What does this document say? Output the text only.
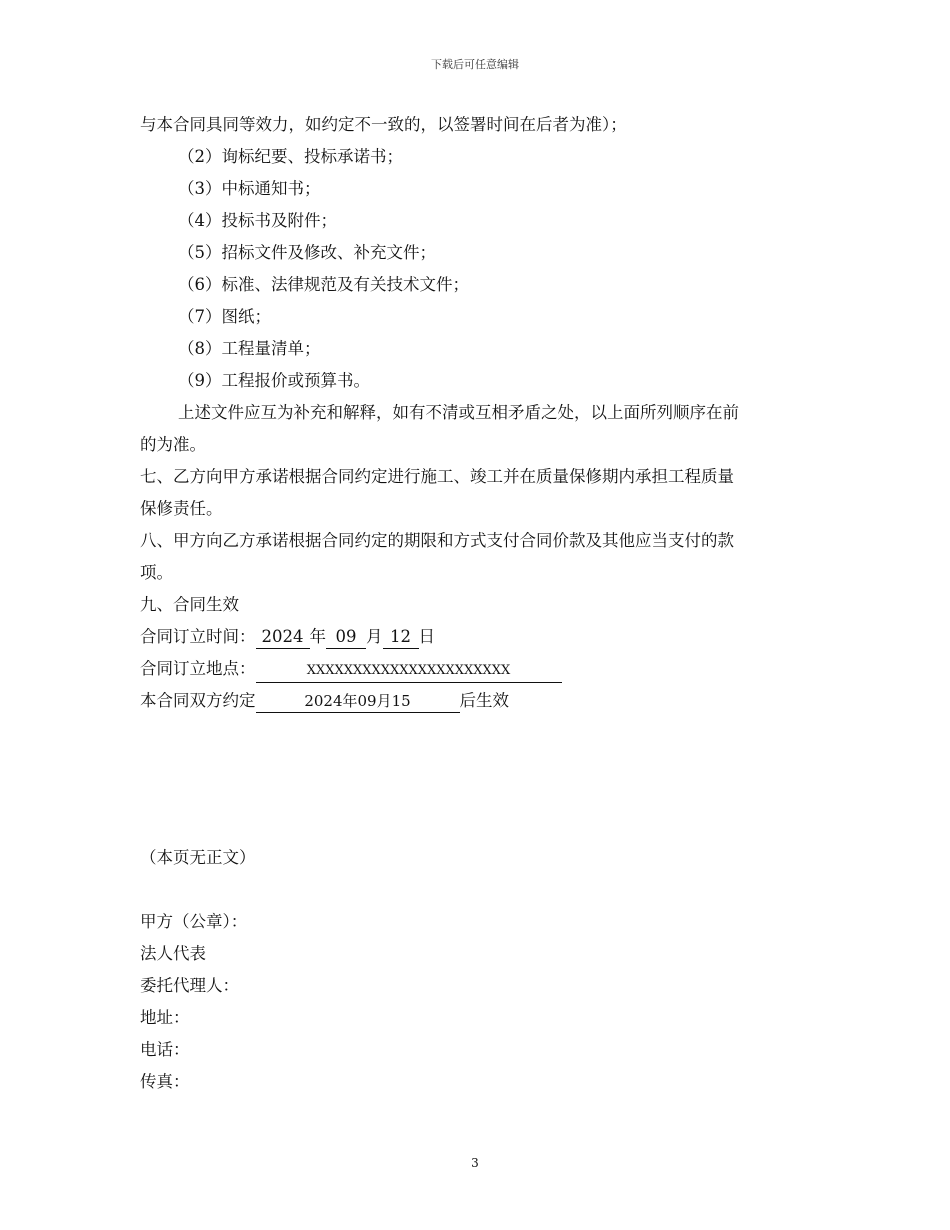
下载后可任意编辑
与本合同具同等效力，如约定不一致的，以签署时间在后者为准）；
（2）询标纪要、投标承诺书；
（3）中标通知书；
（4）投标书及附件；
（5）招标文件及修改、补充文件；
（6）标准、法律规范及有关技术文件；
（7）图纸；
（8）工程量清单；
（9）工程报价或预算书。
上述文件应互为补充和解释，如有不清或互相矛盾之处，以上面所列顺序在前
的为准。
七、乙方向甲方承诺根据合同约定进行施工、竣工并在质量保修期内承担工程质量
保修责任。
八、甲方向乙方承诺根据合同约定的期限和方式支付合同价款及其他应当支付的款
项。
九、合同生效
合同订立时间： 2024 年 09 月 12 日
合同订立地点：	XXXXXXXXXXXXXXXXXXXXXX
本合同双方约定	2024年09月15	后生效
（本页无正文）
甲方（公章）：
法人代表
委托代理人：
地址：
电话：
传真：
3
